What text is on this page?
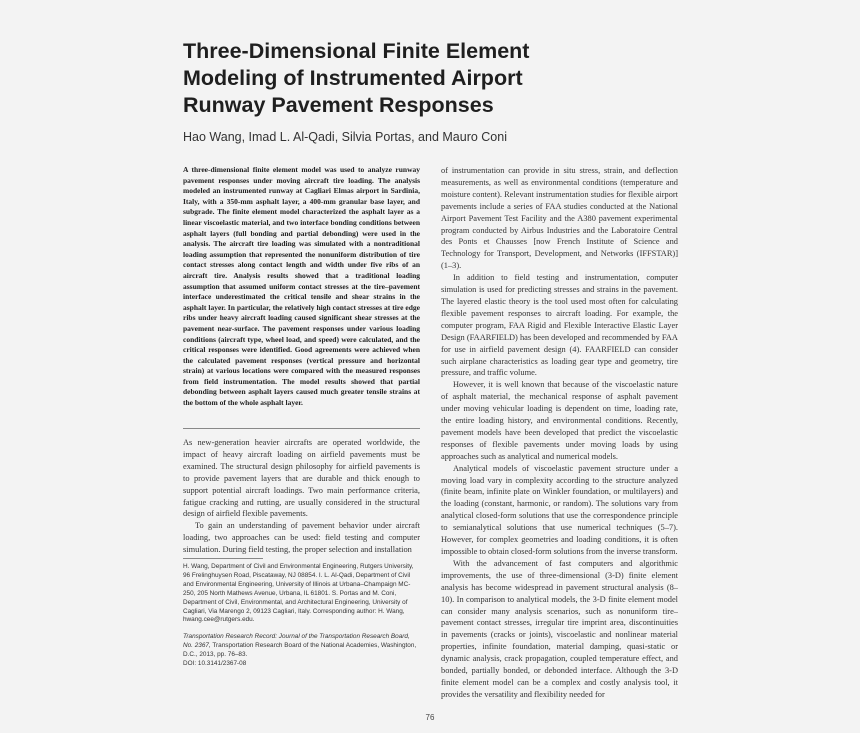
Three-Dimensional Finite Element
Modeling of Instrumented Airport
Runway Pavement Responses
Hao Wang, Imad L. Al-Qadi, Silvia Portas, and Mauro Coni
A three-dimensional finite element model was used to analyze runway pavement responses under moving aircraft tire loading. The analysis modeled an instrumented runway at Cagliari Elmas airport in Sardinia, Italy, with a 350-mm asphalt layer, a 400-mm granular base layer, and subgrade. The finite element model characterized the asphalt layer as a linear viscoelastic material, and two interface bonding conditions between asphalt layers (full bonding and partial debonding) were used in the analysis. The aircraft tire loading was simulated with a nontraditional loading assumption that represented the nonuniform distribution of tire contact stresses along contact length and width under five ribs of an aircraft tire. Analysis results showed that a traditional loading assumption that assumed uniform contact stresses at the tire–pavement interface underestimated the critical tensile and shear strains in the asphalt layer. In particular, the relatively high contact stresses at tire edge ribs under heavy aircraft loading caused significant shear stresses at the pavement near-surface. The pavement responses under various loading conditions (aircraft type, wheel load, and speed) were calculated, and the critical responses were identified. Good agreements were achieved when the calculated pavement responses (vertical pressure and horizontal strain) at various locations were compared with the measured responses from field instrumentation. The model results showed that partial debonding between asphalt layers caused much greater tensile strains at the bottom of the whole asphalt layer.

As new-generation heavier aircrafts are operated worldwide, the impact of heavy aircraft loading on airfield pavements must be examined. The structural design philosophy for airfield pavements is to provide pavement layers that are durable and thick enough to support potential aircraft loadings. Two main performance criteria, fatigue cracking and rutting, are usually considered in the structural design of airfield flexible pavements.

To gain an understanding of pavement behavior under aircraft loading, two approaches can be used: field testing and computer simulation. During field testing, the proper selection and installation

H. Wang, Department of Civil and Environmental Engineering, Rutgers University, 96 Frelinghuysen Road, Piscataway, NJ 08854. I. L. Al-Qadi, Department of Civil and Environmental Engineering, University of Illinois at Urbana–Champaign MC-250, 205 North Mathews Avenue, Urbana, IL 61801. S. Portas and M. Coni, Department of Civil, Environmental, and Architectural Engineering, University of Cagliari, Via Marengo 2, 09123 Cagliari, Italy. Corresponding author: H. Wang, hwang.cee@rutgers.edu.
Transportation Research Record: Journal of the Transportation Research Board, No. 2367, Transportation Research Board of the National Academies, Washington, D.C., 2013, pp. 76–83.
DOI: 10.3141/2367-08

of instrumentation can provide in situ stress, strain, and deflection measurements, as well as environmental conditions (temperature and moisture content). Relevant instrumentation studies for flexible airport pavements include a series of FAA studies conducted at the National Airport Pavement Test Facility and the A380 pavement experimental program conducted by Airbus Industries and the Laboratoire Central des Ponts et Chausses [now French Institute of Science and Technology for Transport, Development, and Networks (IFFSTAR)] (1–3).

In addition to field testing and instrumentation, computer simulation is used for predicting stresses and strains in the pavement. The layered elastic theory is the tool used most often for calculating flexible pavement responses to aircraft loading. For example, the computer program, FAA Rigid and Flexible Interactive Elastic Layer Design (FAARFIELD) has been developed and recommended by FAA for use in airfield pavement design (4). FAARFIELD can consider such airplane characteristics as loading gear type and geometry, tire pressure, and traffic volume.

However, it is well known that because of the viscoelastic nature of asphalt material, the mechanical response of asphalt pavement under moving vehicular loading is dependent on time, loading rate, the entire loading history, and environmental conditions. Recently, pavement models have been developed that predict the viscoelastic responses of flexible pavements under moving loads by using approaches such as analytical and numerical models.

Analytical models of viscoelastic pavement structure under a moving load vary in complexity according to the structure analyzed (finite beam, infinite plate on Winkler foundation, or multilayers) and the loading (constant, harmonic, or random). The solutions vary from analytical closed-form solutions that use the correspondence principle to semianalytical solutions that use numerical techniques (5–7). However, for complex geometries and loading conditions, it is often impossible to obtain closed-form solutions from the inverse transform.

With the advancement of fast computers and algorithmic improvements, the use of three-dimensional (3-D) finite element analysis has become widespread in pavement structural analysis (8–10). In comparison to analytical models, the 3-D finite element model can consider many analysis scenarios, such as nonuniform tire–pavement contact stresses, irregular tire imprint area, discontinuities in pavements (cracks or joints), viscoelastic and nonlinear material properties, infinite foundation, material damping, quasi-static or dynamic analysis, crack propagation, coupled temperature effect, and bonded, partially bonded, or debonded interface. Although the 3-D finite element model can be a complex and costly analysis tool, it provides the versatility and flexibility needed for

76
